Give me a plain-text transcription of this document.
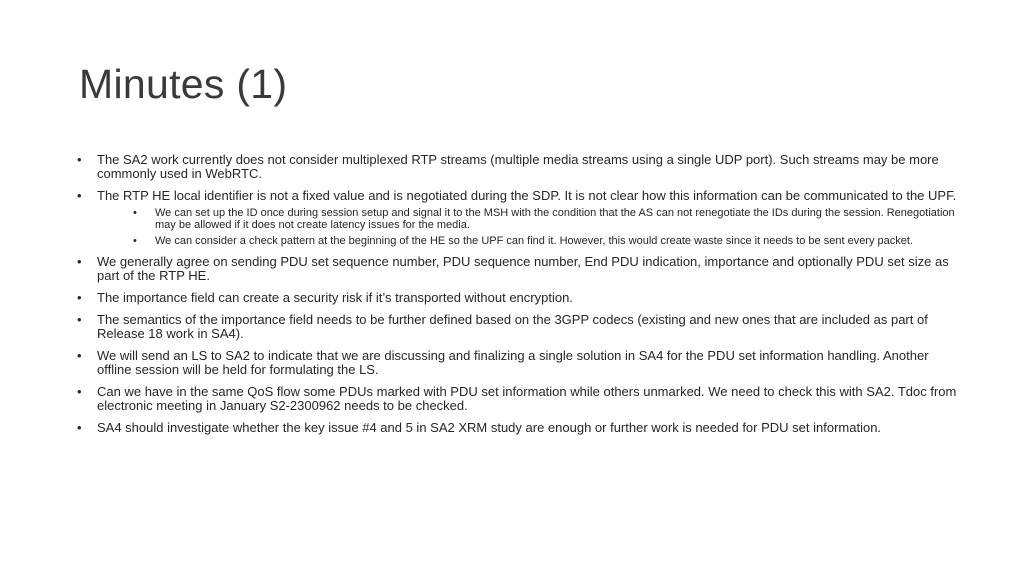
Minutes (1)
•	The SA2 work currently does not consider multiplexed RTP streams (multiple media streams using a single UDP port). Such streams may be more commonly used in WebRTC.
•	The RTP HE local identifier is not a fixed value and is negotiated during the SDP. It is not clear how this information can be communicated to the UPF.
• We can set up the ID once during session setup and signal it to the MSH with the condition that the AS can not renegotiate the IDs during the session. Renegotiation may be allowed if it does not create latency issues for the media.
• We can consider a check pattern at the beginning of the HE so the UPF can find it. However, this would create waste since it needs to be sent every packet.
•	We generally agree on sending PDU set sequence number, PDU sequence number, End PDU indication, importance and optionally PDU set size as part of the RTP HE.
•	The importance field can create a security risk if it’s transported without encryption.
•	The semantics of the importance field needs to be further defined based on the 3GPP codecs (existing and new ones that are included as part of Release 18 work in SA4).
•	We will send an LS to SA2 to indicate that we are discussing and finalizing a single solution in SA4 for the PDU set information handling. Another offline session will be held for formulating the LS.
•	Can we have in the same QoS flow some PDUs marked with PDU set information while others unmarked. We need to check this with SA2. Tdoc from electronic meeting in January S2-2300962 needs to be checked.
•	SA4 should investigate whether the key issue #4 and 5 in SA2 XRM study are enough or further work is needed for PDU set information.
